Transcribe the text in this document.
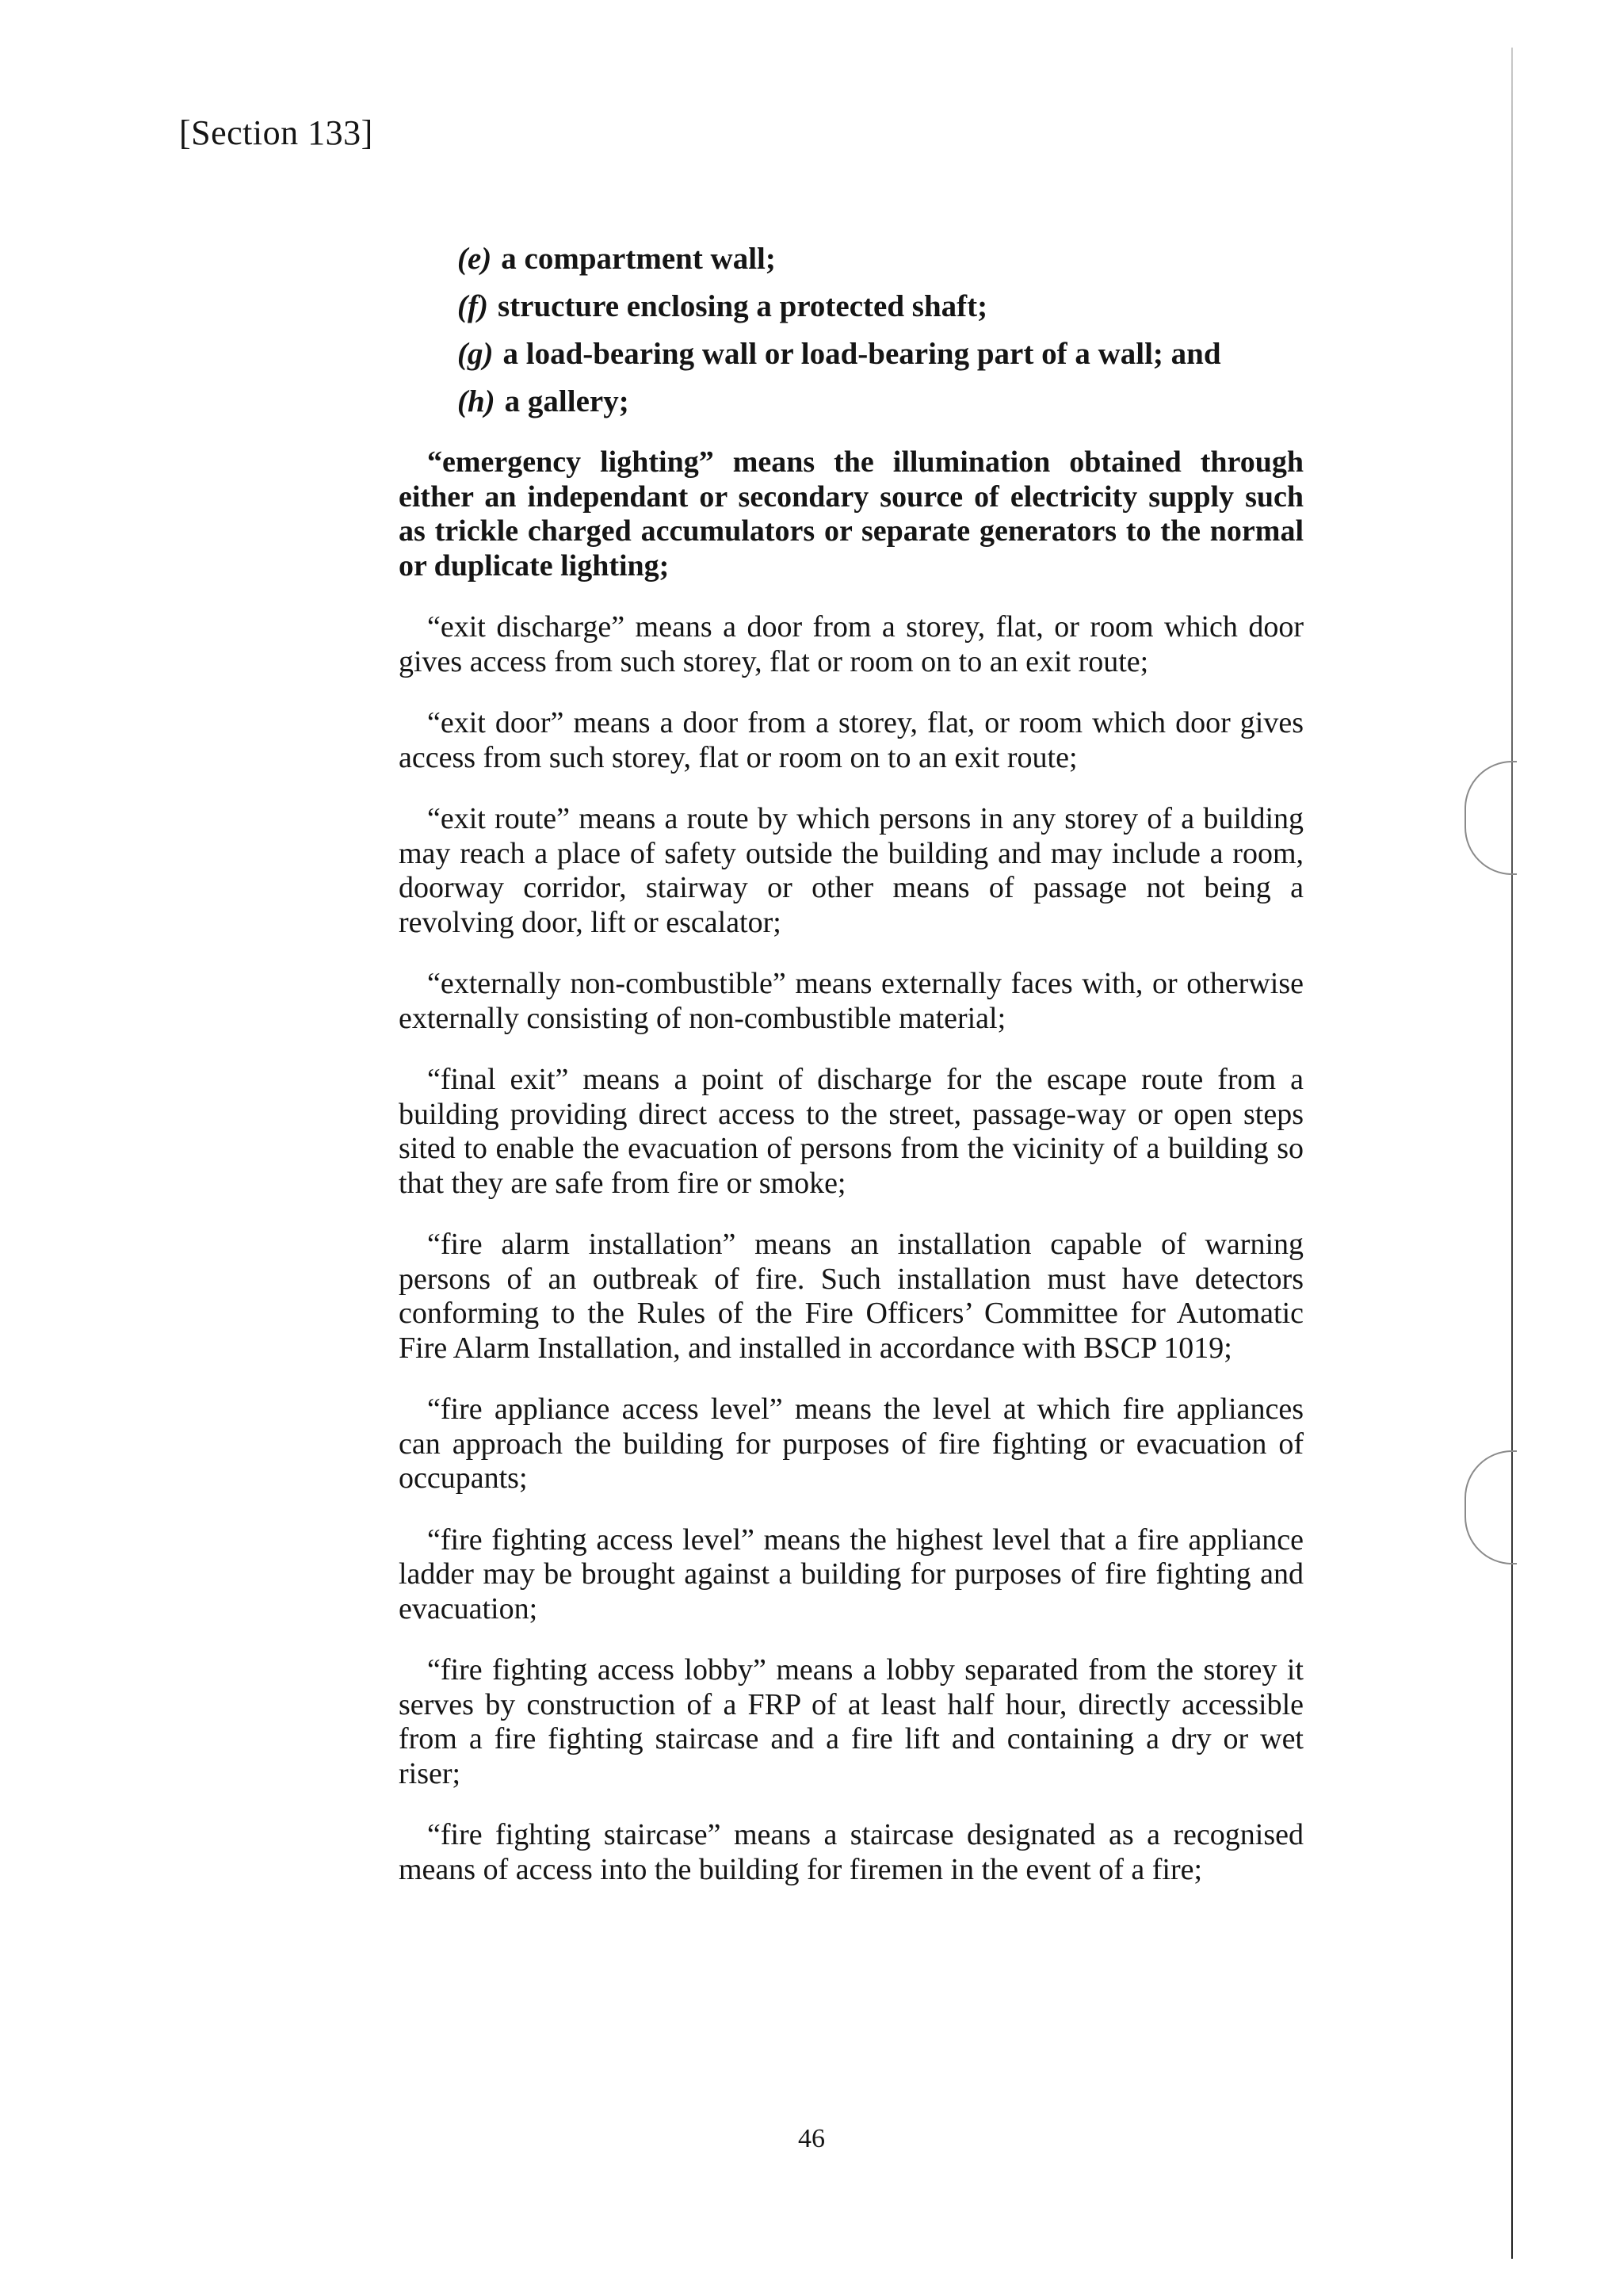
[Section 133]
(e) a compartment wall;
(f) structure enclosing a protected shaft;
(g) a load-bearing wall or load-bearing part of a wall; and
(h) a gallery;

“emergency lighting” means the illumination obtained through either an independant or secondary source of electricity supply such as trickle charged accumulators or separate generators to the normal or duplicate lighting;

“exit discharge” means a door from a storey, flat, or room which door gives access from such storey, flat or room on to an exit route;

“exit door” means a door from a storey, flat, or room which door gives access from such storey, flat or room on to an exit route;

“exit route” means a route by which persons in any storey of a building may reach a place of safety outside the building and may include a room, doorway corridor, stairway or other means of passage not being a revolving door, lift or escalator;

“externally non-combustible” means externally faces with, or otherwise externally consisting of non-combustible material;

“final exit” means a point of discharge for the escape route from a building providing direct access to the street, passage-way or open steps sited to enable the evacuation of persons from the vicinity of a building so that they are safe from fire or smoke;

“fire alarm installation” means an installation capable of warning persons of an outbreak of fire. Such installation must have detectors conforming to the Rules of the Fire Officers’ Committee for Automatic Fire Alarm Installation, and installed in accordance with BSCP 1019;

“fire appliance access level” means the level at which fire appliances can approach the building for purposes of fire fighting or evacuation of occupants;

“fire fighting access level” means the highest level that a fire appliance ladder may be brought against a building for purposes of fire fighting and evacuation;

“fire fighting access lobby” means a lobby separated from the storey it serves by construction of a FRP of at least half hour, directly accessible from a fire fighting staircase and a fire lift and containing a dry or wet riser;

“fire fighting staircase” means a staircase designated as a recognised means of access into the building for firemen in the event of a fire;

46
